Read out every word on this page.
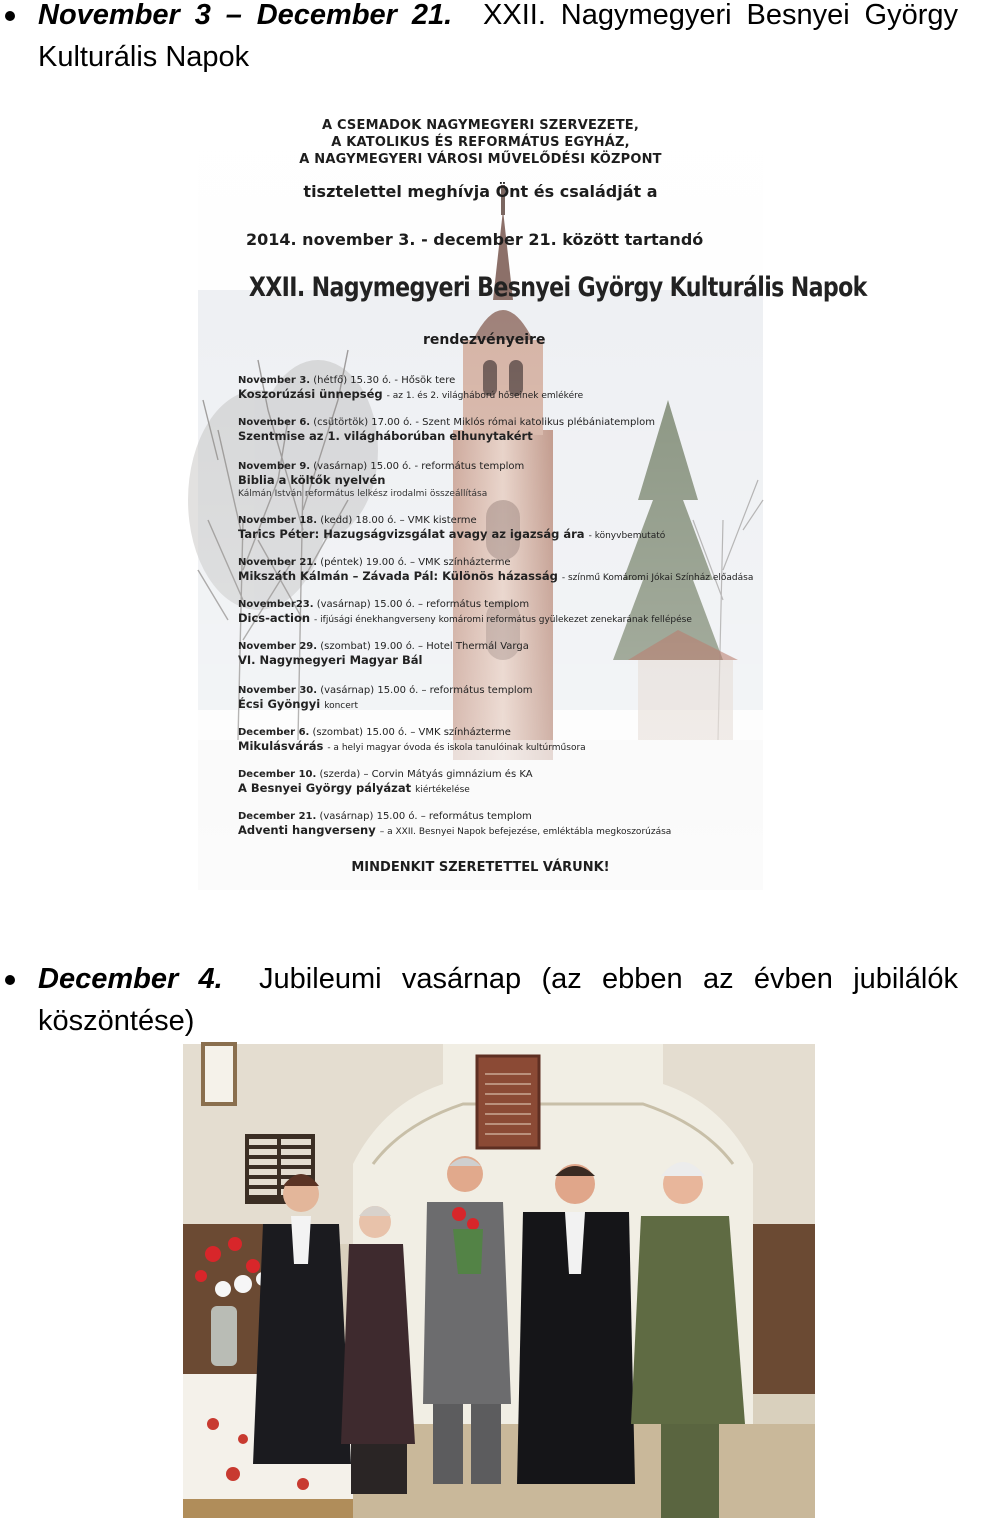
November 3 – December 21. XXII. Nagymegyeri Besnyei György Kulturális Napok

A CSEMADOK NAGYMEGYERI SZERVEZETE,

A KATOLIKUS ÉS REFORMÁTUS EGYHÁZ,

A NAGYMEGYERI VÁROSI MŰVELŐDÉSI KÖZPONT

tisztelettel meghívja Önt és családját a

2014. november 3. - december 21. között tartandó

XXII. Nagymegyeri Besnyei György Kulturális Napok

rendezvényeire

November 3. (hétfő) 15.30 ó. - Hősök tere

Koszorúzási ünnepség - az 1. és 2. világháború hőseinek emlékére

November 6. (csütörtök) 17.00 ó. - Szent Miklós római katolikus plébániatemplom

Szentmise az 1. világháborúban elhunytakért

November 9. (vasárnap) 15.00 ó. - református templom

Biblia a költők nyelvén

Kálmán István református lelkész irodalmi összeállítása

November 18. (kedd) 18.00 ó. – VMK kisterme

Tarics Péter: Hazugságvizsgálat avagy az igazság ára - könyvbemutató

November 21. (péntek) 19.00 ó. – VMK színházterme

Mikszáth Kálmán – Závada Pál: Különös házasság - színmű Komáromi Jókai Színház előadása

November23. (vasárnap) 15.00 ó. – református templom

Dics-action - ifjúsági énekhangverseny komáromi református gyülekezet zenekarának fellépése

November 29. (szombat) 19.00 ó. – Hotel Thermál Varga

VI. Nagymegyeri Magyar Bál

November 30. (vasárnap) 15.00 ó. – református templom

Écsi Gyöngyi koncert

December 6. (szombat) 15.00 ó. – VMK színházterme

Mikulásvárás - a helyi magyar óvoda és iskola tanulóinak kultúrműsora

December 10. (szerda) – Corvin Mátyás gimnázium és KA

A Besnyei György pályázat kiértékelése

December 21. (vasárnap) 15.00 ó. – református templom

Adventi hangverseny – a XXII. Besnyei Napok befejezése, emléktábla megkoszorúzása

MINDENKIT SZERETETTEL VÁRUNK!

December 4. Jubileumi vasárnap (az ebben az évben jubilálók köszöntése)
